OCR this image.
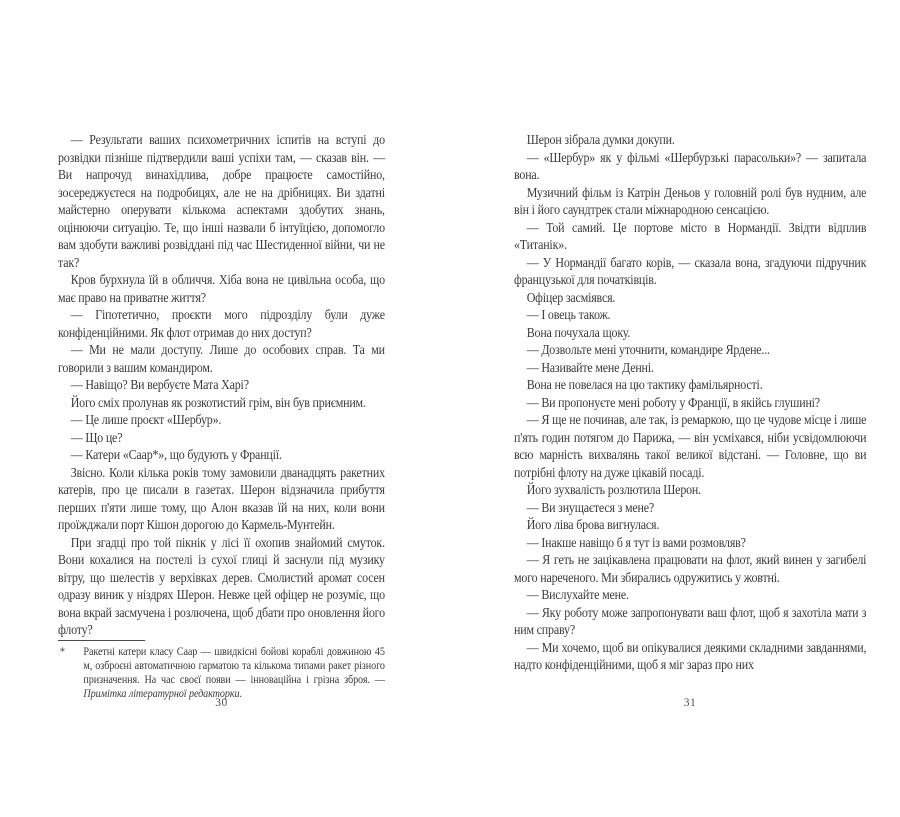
— Результати ваших психометричних іспитів на вступі до розвідки пізніше підтвердили ваші успіхи там, — сказав він. — Ви напрочуд винахідлива, добре працюєте самостійно, зосереджуєтеся на подробицях, але не на дрібницях. Ви здатні майстерно оперувати кількома аспектами здобутих знань, оцінюючи ситуацію. Те, що інші назвали б інтуїцією, допомогло вам здобути важливі розвіддані під час Шестиденної війни, чи не так?

Кров бурхнула їй в обличчя. Хіба вона не цивільна особа, що має право на приватне життя?

— Гіпотетично, проєкти мого підрозділу були дуже конфіденційними. Як флот отримав до них доступ?

— Ми не мали доступу. Лише до особових справ. Та ми говорили з вашим командиром.

— Навіщо? Ви вербуєте Мата Харі?

Його сміх пролунав як розкотистий грім, він був приємним.

— Це лише проєкт «Шербур».

— Що це?

— Катери «Саар*», що будують у Франції.

Звісно. Коли кілька років тому замовили дванадцять ракетних катерів, про це писали в газетах. Шерон відзначила прибуття перших п'яти лише тому, що Алон вказав їй на них, коли вони проїжджали порт Кішон дорогою до Кармель-Мунтейн.

При згадці про той пікнік у лісі її охопив знайомий смуток. Вони кохалися на постелі із сухої глиці й заснули під музику вітру, що шелестів у верхівках дерев. Смолистий аромат сосен одразу виник у ніздрях Шерон. Невже цей офіцер не розуміє, що вона вкрай засмучена і розлючена, щоб дбати про оновлення його флоту?

* Ракетні катери класу Саар — швидкісні бойові кораблі довжиною 45 м, озброєні автоматичною гарматою та кількома типами ракет різного призначення. На час своєї появи — інноваційна і грізна зброя. — Примітка літературної редакторки.

Шерон зібрала думки докупи.

— «Шербур» як у фільмі «Шербурзькі парасольки»? — запитала вона.

Музичний фільм із Катрін Деньов у головній ролі був нудним, але він і його саундтрек стали міжнародною сенсацією.

— Той самий. Це портове місто в Нормандії. Звідти відплив «Титанік».

— У Нормандії багато корів, — сказала вона, згадуючи підручник французької для початківців.

Офіцер засміявся.

— І овець також.

Вона почухала щоку.

— Дозвольте мені уточнити, командире Ярдене...

— Називайте мене Денні.

Вона не повелася на цю тактику фамільярності.

— Ви пропонуєте мені роботу у Франції, в якійсь глушині?

— Я ще не починав, але так, із ремаркою, що це чудове місце і лише п'ять годин потягом до Парижа, — він усміхався, ніби усвідомлюючи всю марність вихвалянь такої великої відстані. — Головне, що ви потрібні флоту на дуже цікавій посаді.

Його зухвалість розлютила Шерон.

— Ви знущаєтеся з мене?

Його ліва брова вигнулася.

— Інакше навіщо б я тут із вами розмовляв?

— Я геть не зацікавлена працювати на флот, який винен у загибелі мого нареченого. Ми збирались одружитись у жовтні.

— Вислухайте мене.

— Яку роботу може запропонувати ваш флот, щоб я захотіла мати з ним справу?

— Ми хочемо, щоб ви опікувалися деякими складними завданнями, надто конфіденційними, щоб я міг зараз про них

30	31
